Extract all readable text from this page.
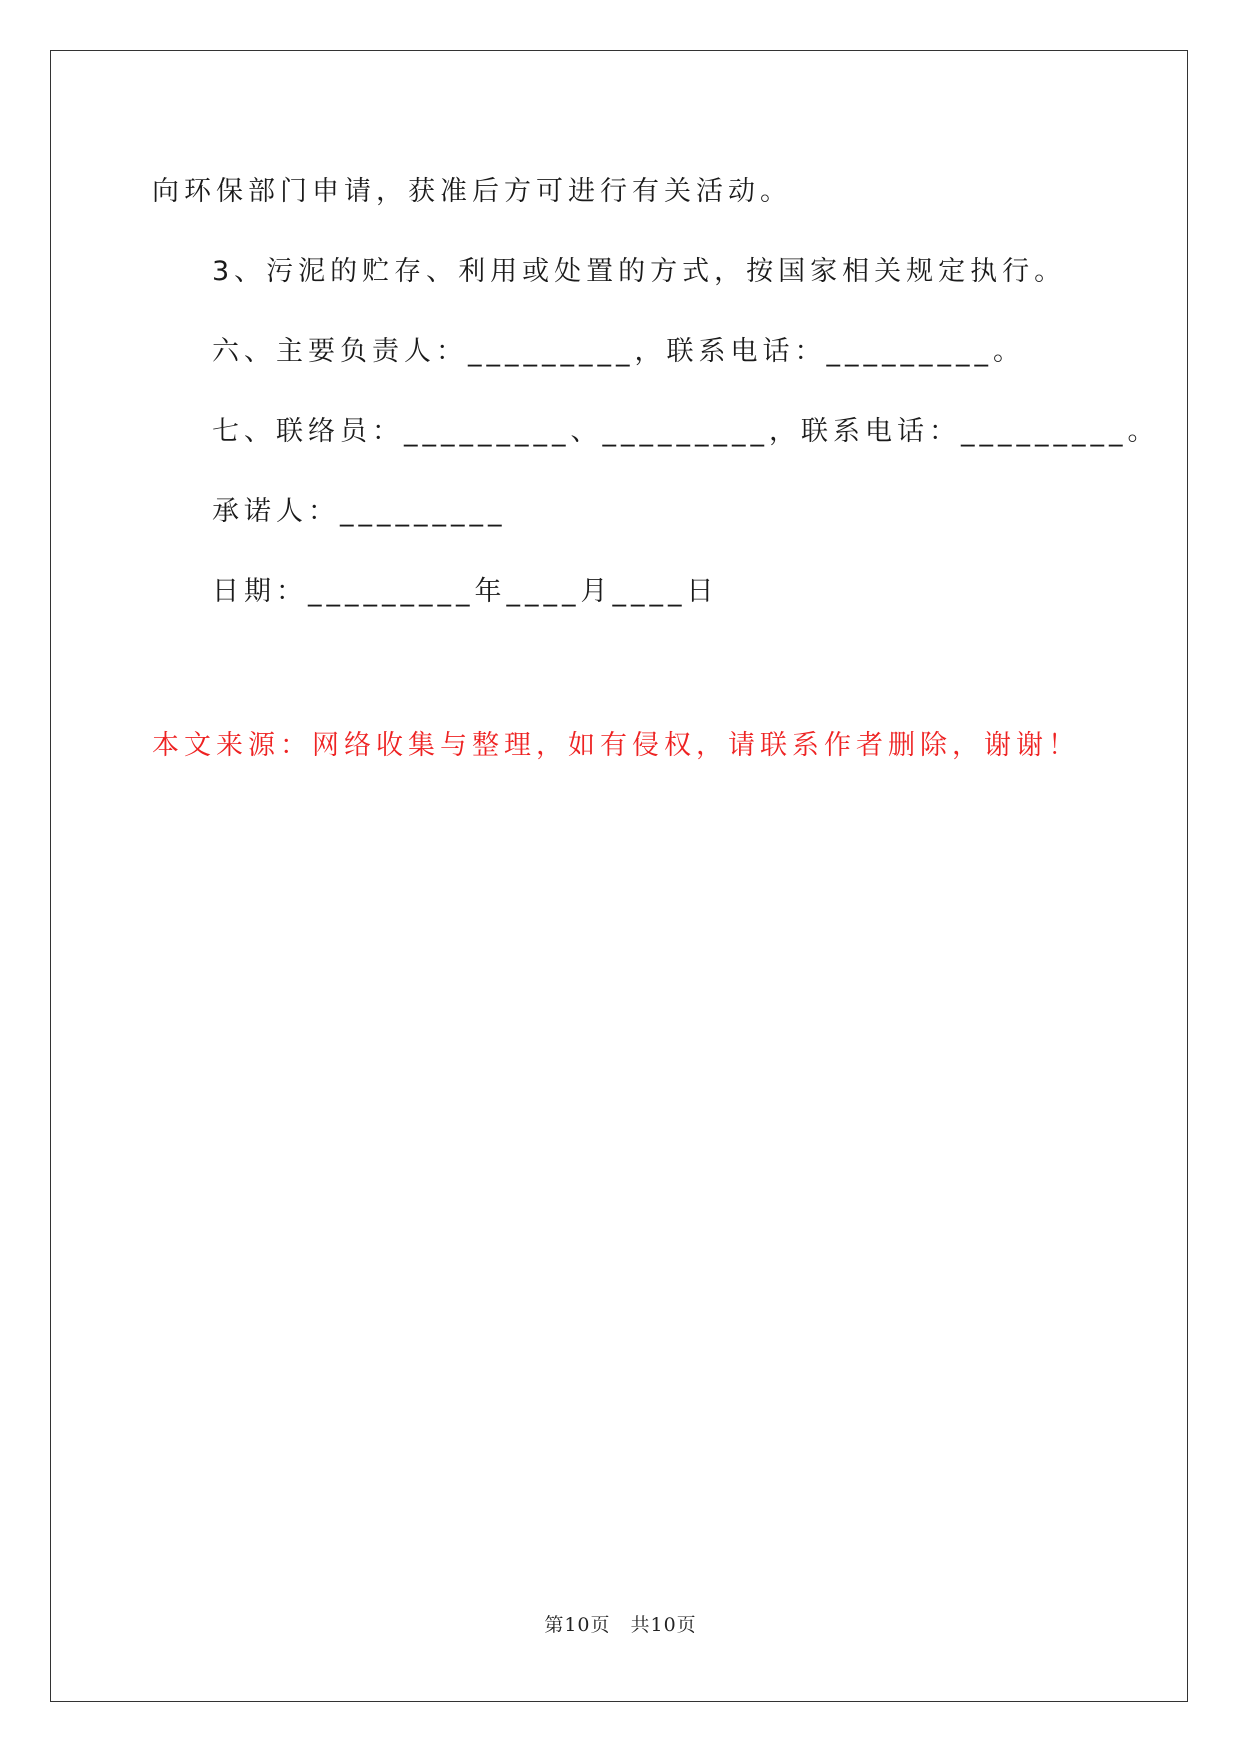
向环保部门申请，获准后方可进行有关活动。
3、污泥的贮存、利用或处置的方式，按国家相关规定执行。
六、主要负责人：_________，联系电话：_________。
七、联络员：_________、_________，联系电话：_________。
承诺人：_________
日期：_________年____月____日
本文来源：网络收集与整理，如有侵权，请联系作者删除，谢谢！
第10页 共10页
